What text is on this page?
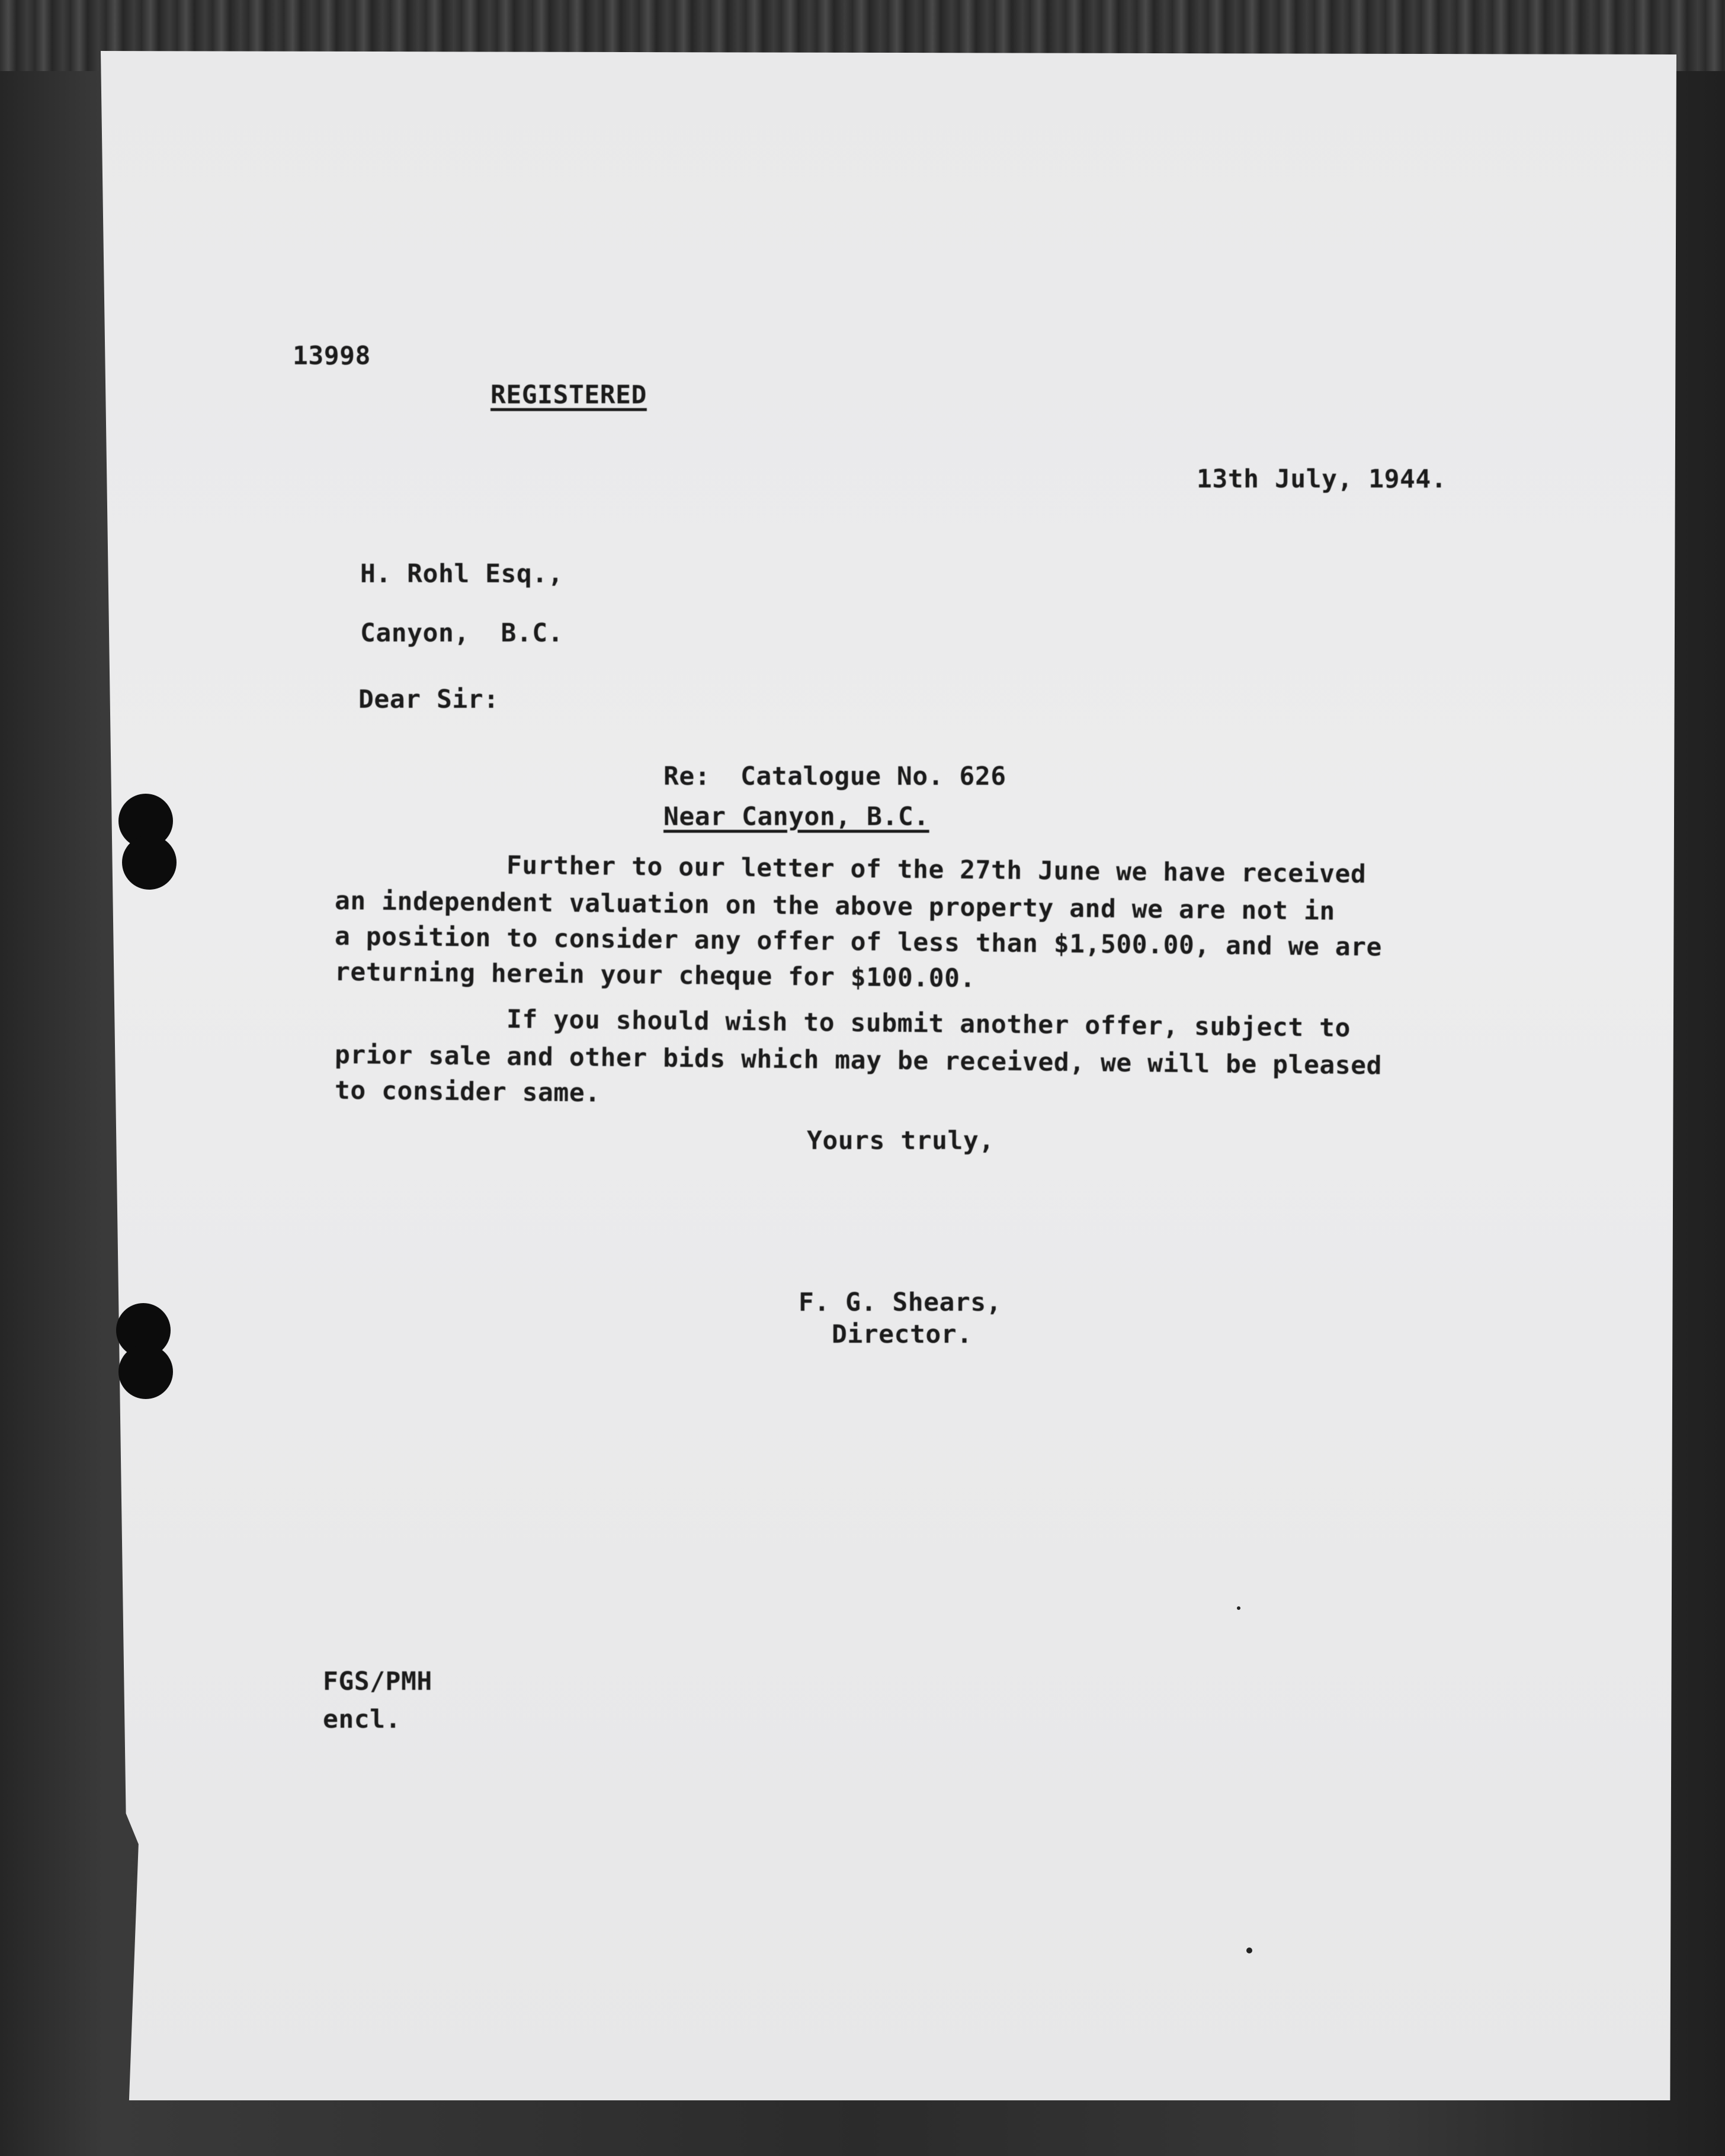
13998
REGISTERED
13th July, 1944.
H. Rohl Esq.,
Canyon,  B.C.
Dear Sir:
Re: Catalogue No. 626
Near Canyon, B.C.
Further to our letter of the 27th June we have received
an independent valuation on the above property and we are not in
a position to consider any offer of less than $1,500.00, and we are
returning herein your cheque for $100.00.
If you should wish to submit another offer, subject to
prior sale and other bids which may be received, we will be pleased
to consider same.
Yours truly,
F. G. Shears,
Director.
FGS/PMH
encl.
